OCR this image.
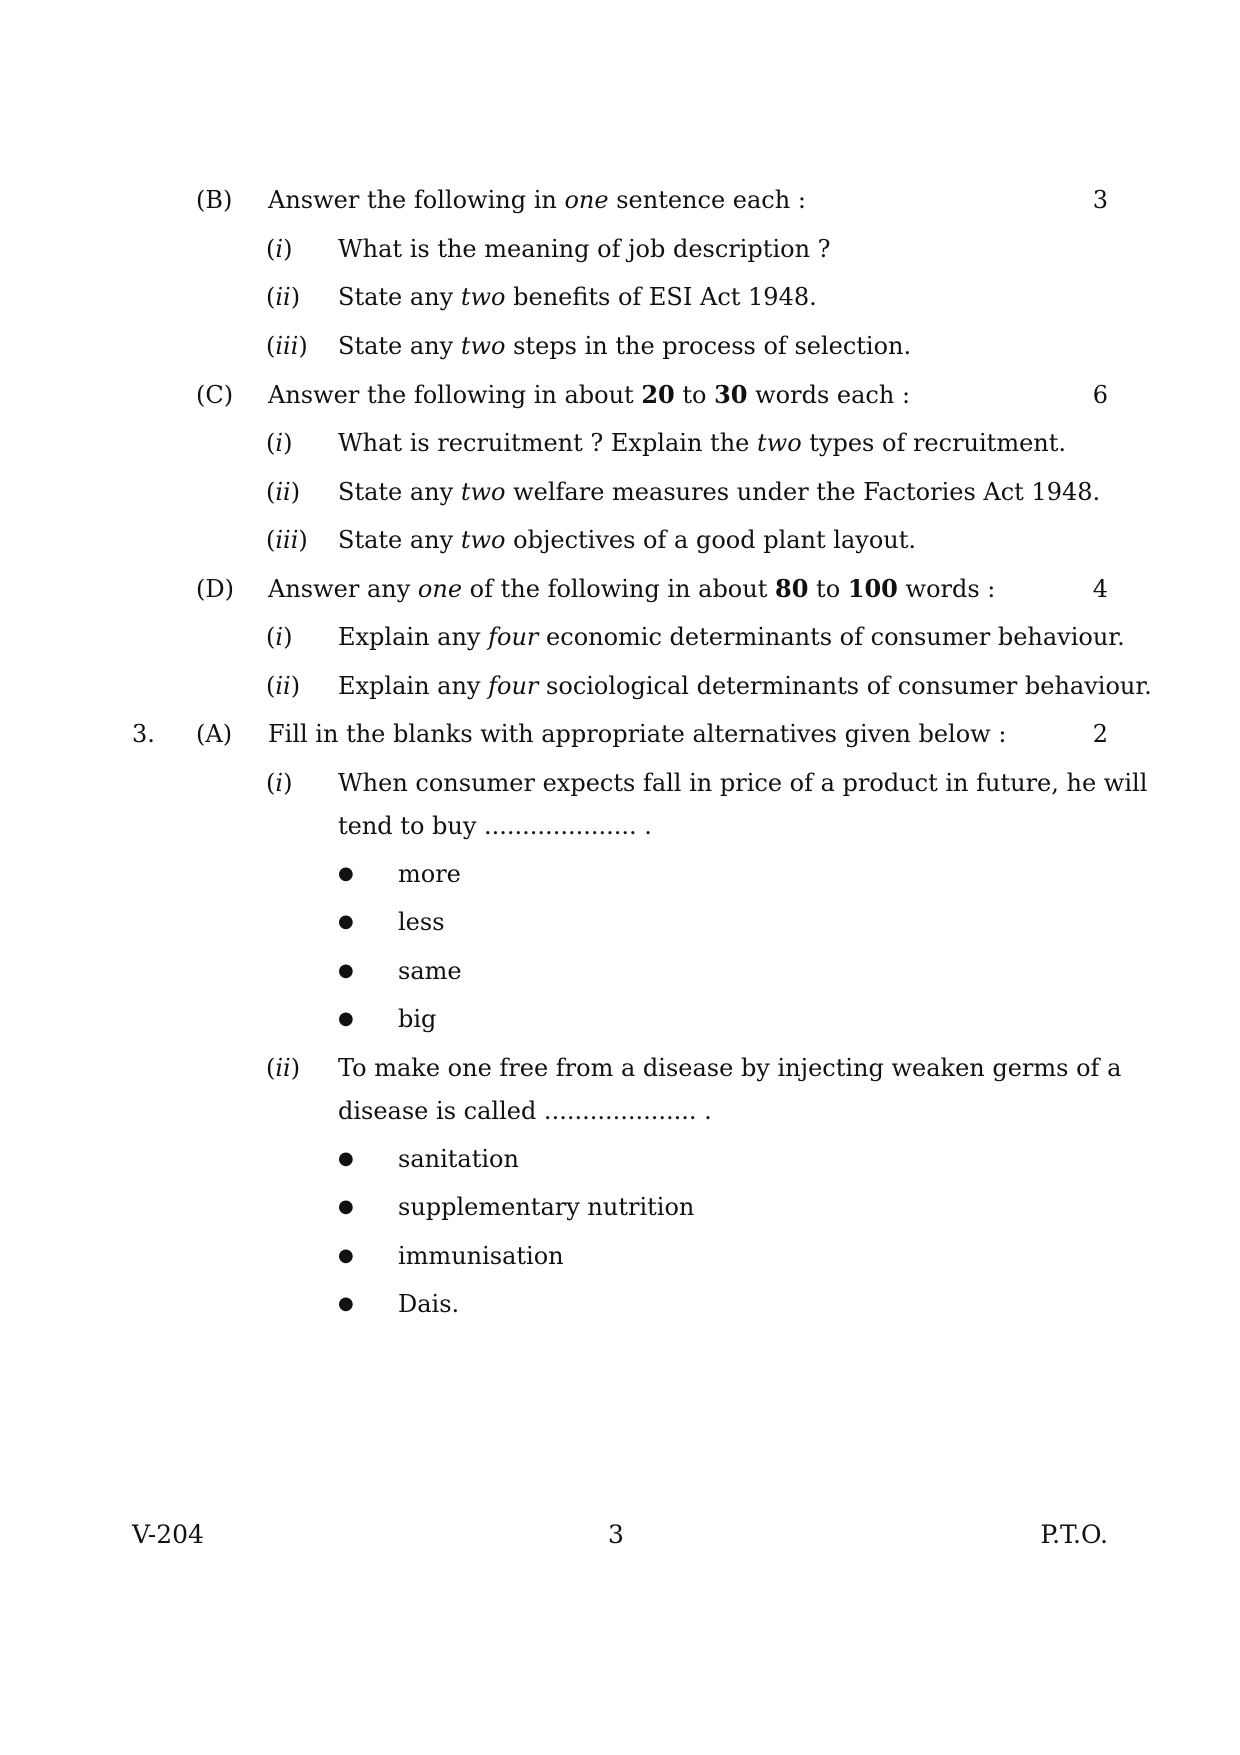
(B) Answer the following in one sentence each :	3
(i) What is the meaning of job description ?
(ii) State any two benefits of ESI Act 1948.
(iii) State any two steps in the process of selection.
(C) Answer the following in about 20 to 30 words each :	6
(i) What is recruitment ? Explain the two types of recruitment.
(ii) State any two welfare measures under the Factories Act 1948.
(iii) State any two objectives of a good plant layout.
(D) Answer any one of the following in about 80 to 100 words :	4
(i) Explain any four economic determinants of consumer behaviour.
(ii) Explain any four sociological determinants of consumer behaviour.
3. (A) Fill in the blanks with appropriate alternatives given below :	2
(i) When consumer expects fall in price of a product in future, he will
tend to buy .................... .
● more
● less
● same
● big
(ii) To make one free from a disease by injecting weaken germs of a
disease is called .................... .
● sanitation
● supplementary nutrition
● immunisation
● Dais.
V-204	3	P.T.O.
